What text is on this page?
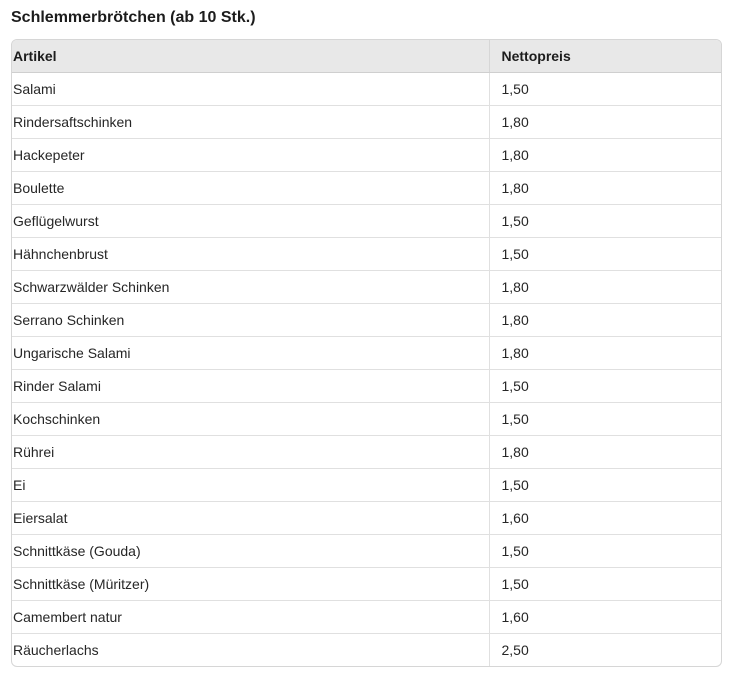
Schlemmerbrötchen (ab 10 Stk.)
Artikel	Nettopreis
Salami	1,50
Rindersaftschinken	1,80
Hackepeter	1,80
Boulette	1,80
Geflügelwurst	1,50
Hähnchenbrust	1,50
Schwarzwälder Schinken	1,80
Serrano Schinken	1,80
Ungarische Salami	1,80
Rinder Salami	1,50
Kochschinken	1,50
Rührei	1,80
Ei	1,50
Eiersalat	1,60
Schnittkäse (Gouda)	1,50
Schnittkäse (Müritzer)	1,50
Camembert natur	1,60
Räucherlachs	2,50
